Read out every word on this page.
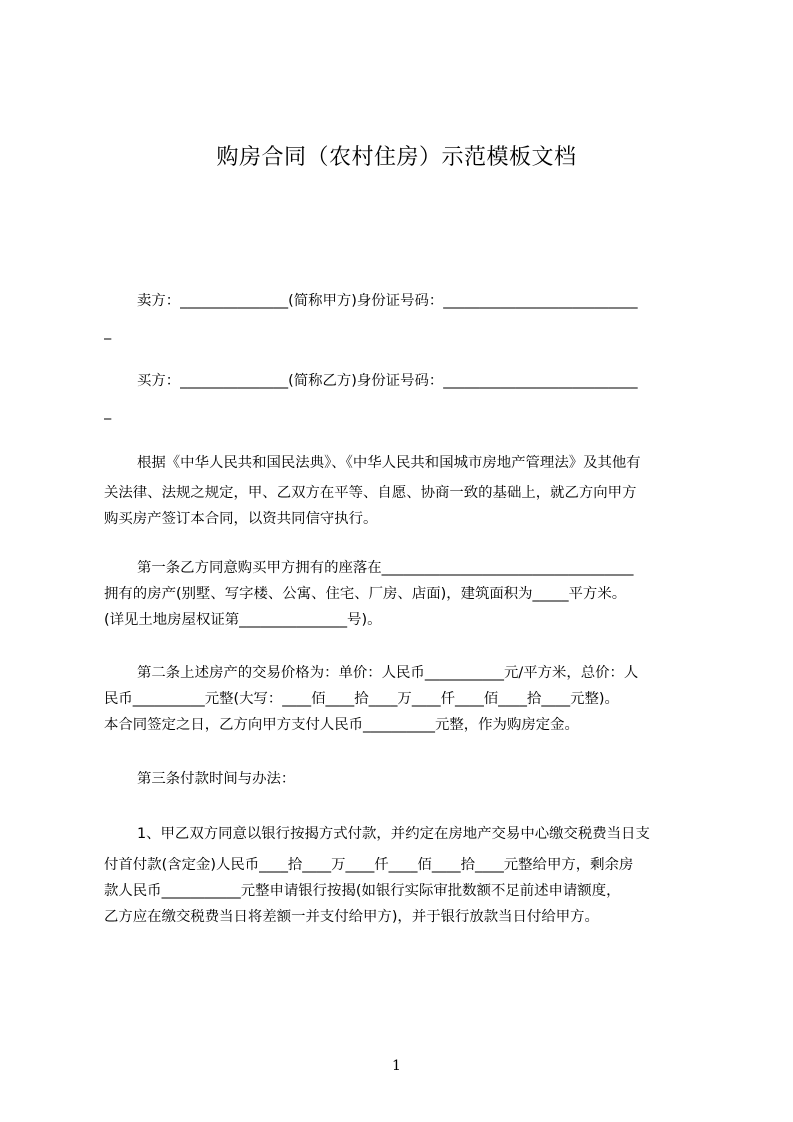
购房合同（农村住房）示范模板文档
卖方：_______________(简称甲方)身份证号码：___________________________
_
买方：_______________(简称乙方)身份证号码：___________________________
_
根据《中华人民共和国民法典》、《中华人民共和国城市房地产管理法》及其他有
关法律、法规之规定，甲、乙双方在平等、自愿、协商一致的基础上，就乙方向甲方
购买房产签订本合同，以资共同信守执行。
第一条乙方同意购买甲方拥有的座落在___________________________________
拥有的房产(别墅、写字楼、公寓、住宅、厂房、店面)，建筑面积为_____平方米。
(详见土地房屋权证第_______________号)。
第二条上述房产的交易价格为：单价：人民币___________元/平方米，总价：人
民币__________元整(大写：____佰____拾____万____仟____佰____拾____元整)。
本合同签定之日，乙方向甲方支付人民币__________元整，作为购房定金。
第三条付款时间与办法：
1、甲乙双方同意以银行按揭方式付款，并约定在房地产交易中心缴交税费当日支
付首付款(含定金)人民币____拾____万____仟____佰____拾____元整给甲方，剩余房
款人民币___________元整申请银行按揭(如银行实际审批数额不足前述申请额度，
乙方应在缴交税费当日将差额一并支付给甲方)，并于银行放款当日付给甲方。
1
